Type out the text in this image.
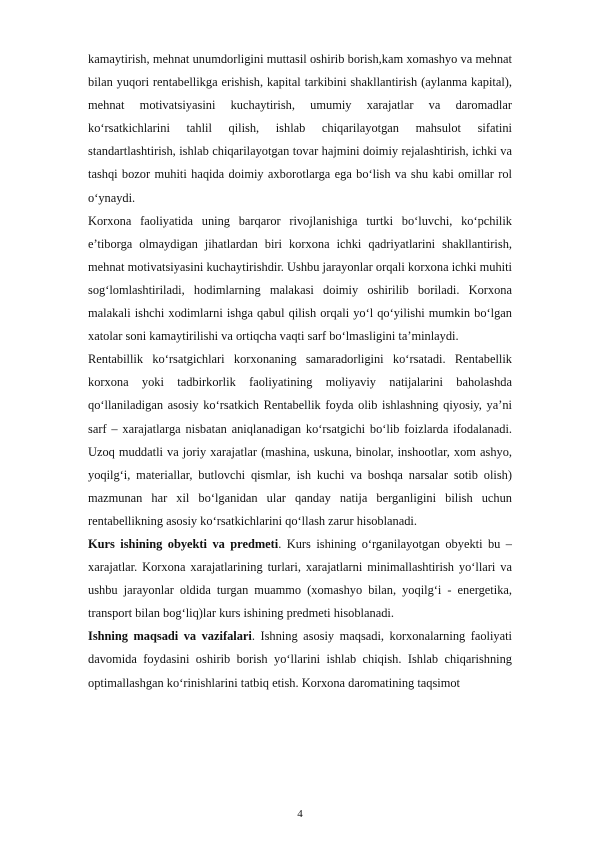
kamaytirish, mehnat unumdorligini muttasil oshirib borish,kam xomashyo va mehnat bilan yuqori rentabellikga erishish, kapital tarkibini shakllantirish (aylanma kapital), mehnat motivatsiyasini kuchaytirish, umumiy xarajatlar va daromadlar koʻrsatkichlarini tahlil qilish, ishlab chiqarilayotgan mahsulot sifatini standartlashtirish, ishlab chiqarilayotgan tovar hajmini doimiy rejalashtirish, ichki va tashqi bozor muhiti haqida doimiy axborotlarga ega boʻlish va shu kabi omillar rol oʻynaydi.

Korxona faoliyatida uning barqaror rivojlanishiga turtki boʻluvchi, koʻpchilik e’tiborga olmaydigan jihatlardan biri korxona ichki qadriyatlarini shakllantirish, mehnat motivatsiyasini kuchaytirishdir. Ushbu jarayonlar orqali korxona ichki muhiti sogʻlomlashtiriladi, hodimlarning malakasi doimiy oshirilib boriladi. Korxona malakali ishchi xodimlarni ishga qabul qilish orqali yoʻl qoʻyilishi mumkin boʻlgan xatolar soni kamaytirilishi va ortiqcha vaqti sarf boʻlmasligini ta’minlaydi.

Rentabillik koʻrsatgichlari korxonaning samaradorligini koʻrsatadi. Rentabellik korxona yoki tadbirkorlik faoliyatining moliyaviy natijalarini baholashda qoʻllaniladigan asosiy koʻrsatkich Rentabellik foyda olib ishlashning qiyosiy, ya’ni sarf – xarajatlarga nisbatan aniqlanadigan koʻrsatgichi boʻlib foizlarda ifodalanadi. Uzoq muddatli va joriy xarajatlar (mashina, uskuna, binolar, inshootlar, xom ashyo, yoqilgʻi, materiallar, butlovchi qismlar, ish kuchi va boshqa narsalar sotib olish) mazmunan har xil boʻlganidan ular qanday natija berganligini bilish uchun rentabellikning asosiy koʻrsatkichlarini qoʻllash zarur hisoblanadi.

Kurs ishining obyekti va predmeti. Kurs ishining oʻrganilayotgan obyekti bu – xarajatlar. Korxona xarajatlarining turlari, xarajatlarni minimallashtirish yoʻllari va ushbu jarayonlar oldida turgan muammo (xomashyo bilan, yoqilgʻi - energetika, transport bilan bogʻliq)lar kurs ishining predmeti hisoblanadi.

Ishning maqsadi va vazifalari. Ishning asosiy maqsadi, korxonalarning faoliyati davomida foydasini oshirib borish yoʻllarini ishlab chiqish. Ishlab chiqarishning optimallashgan koʻrinishlarini tatbiq etish. Korxona daromatining taqsimot

4
